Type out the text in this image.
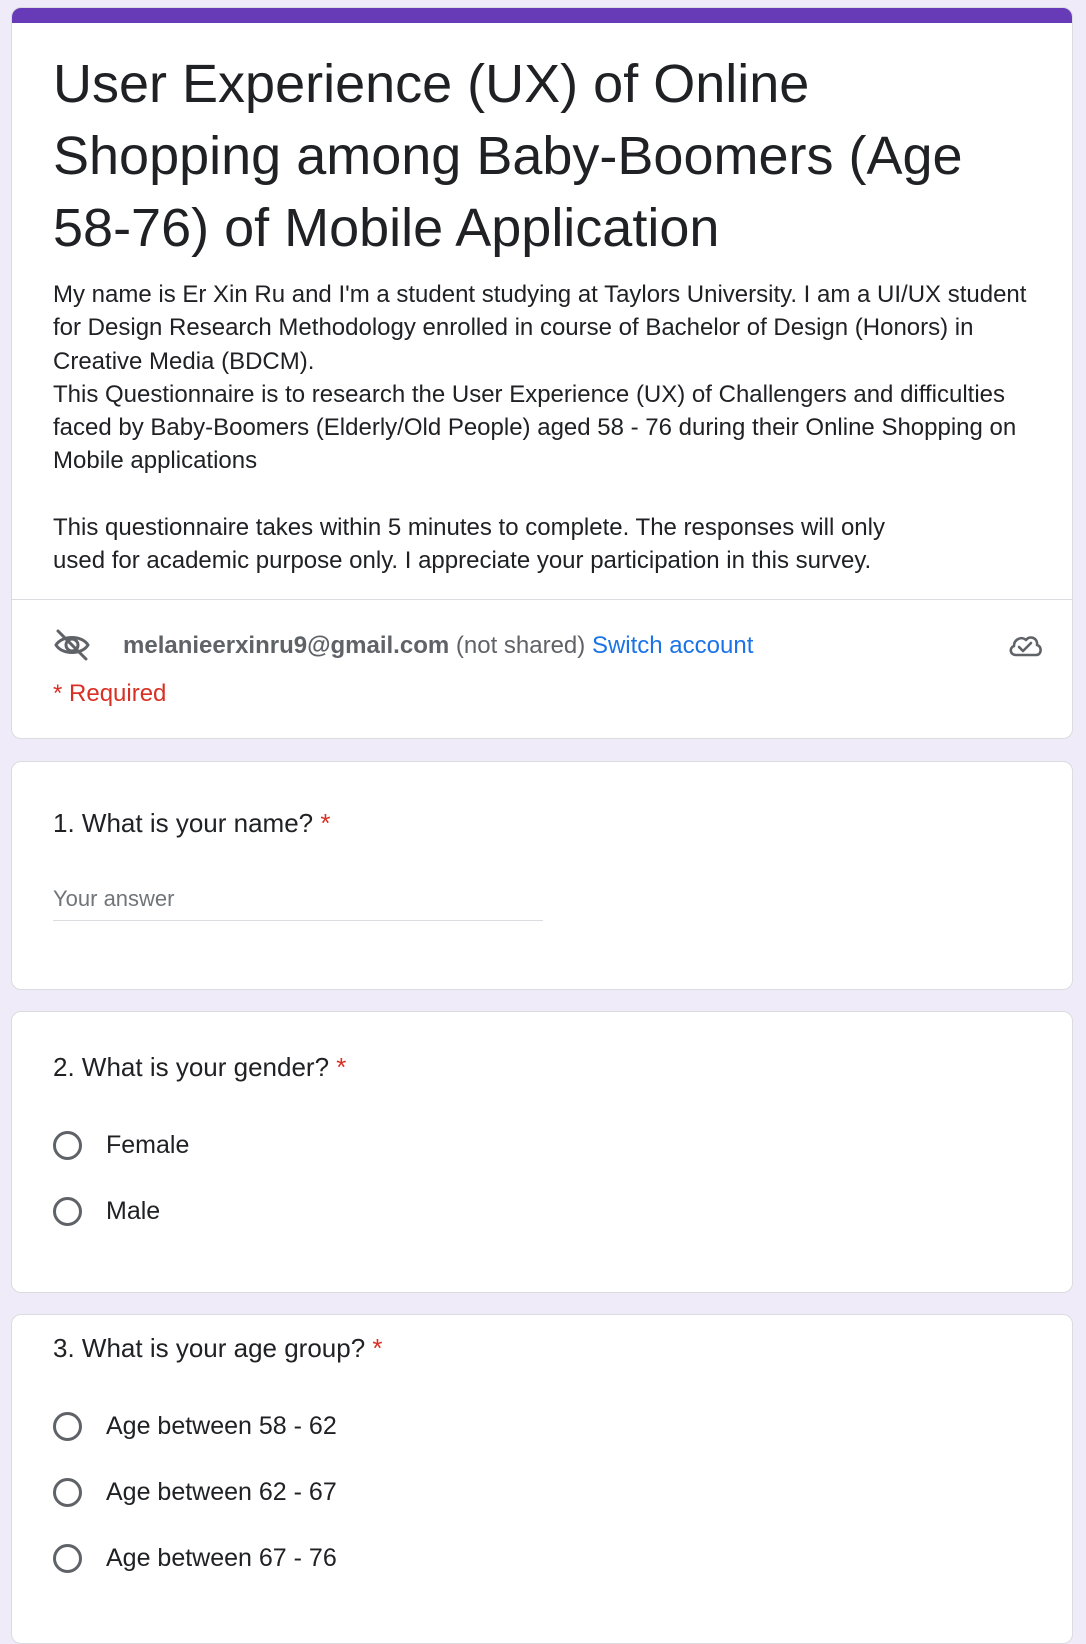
User Experience (UX) of Online Shopping among Baby-Boomers (Age 58-76) of Mobile Application

My name is Er Xin Ru and I'm a student studying at Taylors University. I am a UI/UX student for Design Research Methodology enrolled in course of Bachelor of Design (Honors) in Creative Media (BDCM).
This Questionnaire is to research the User Experience (UX) of Challengers and difficulties faced by Baby-Boomers (Elderly/Old People) aged 58 - 76 during their Online Shopping on Mobile applications

This questionnaire takes within 5 minutes to complete. The responses will only
used for academic purpose only. I appreciate your participation in this survey.

melanieerxinru9@gmail.com (not shared) Switch account
* Required
1. What is your name? *
Your answer
2. What is your gender? *
Female
Male
3. What is your age group? *
Age between 58 - 62
Age between 62 - 67
Age between 67 - 76
